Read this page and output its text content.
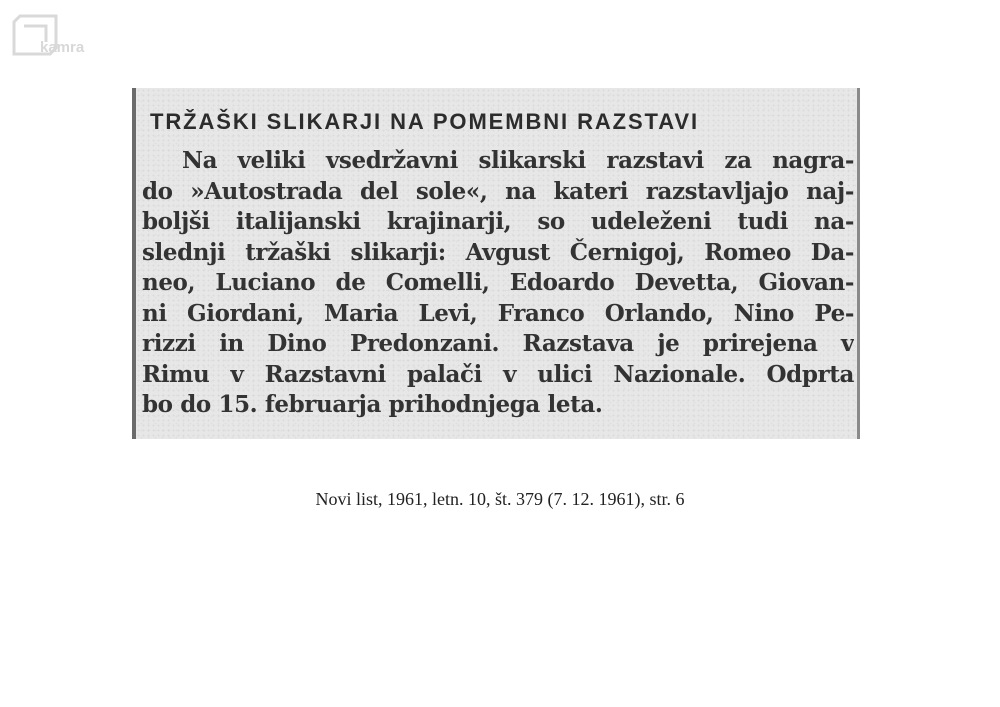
kamra
TRŽAŠKI SLIKARJI NA POMEMBNI RAZSTAVI
Na veliki vsedržavni slikarski razstavi za nagra-
do »Autostrada del sole«, na kateri razstavljajo naj-
boljši italijanski krajinarji, so udeleženi tudi na-
slednji tržaški slikarji: Avgust Černigoj, Romeo Da-
neo, Luciano de Comelli, Edoardo Devetta, Giovan-
ni Giordani, Maria Levi, Franco Orlando, Nino Pe-
rizzi in Dino Predonzani. Razstava je prirejena v
Rimu v Razstavni palači v ulici Nazionale. Odprta
bo do 15. februarja prihodnjega leta.

Novi list, 1961, letn. 10, št. 379 (7. 12. 1961), str. 6
